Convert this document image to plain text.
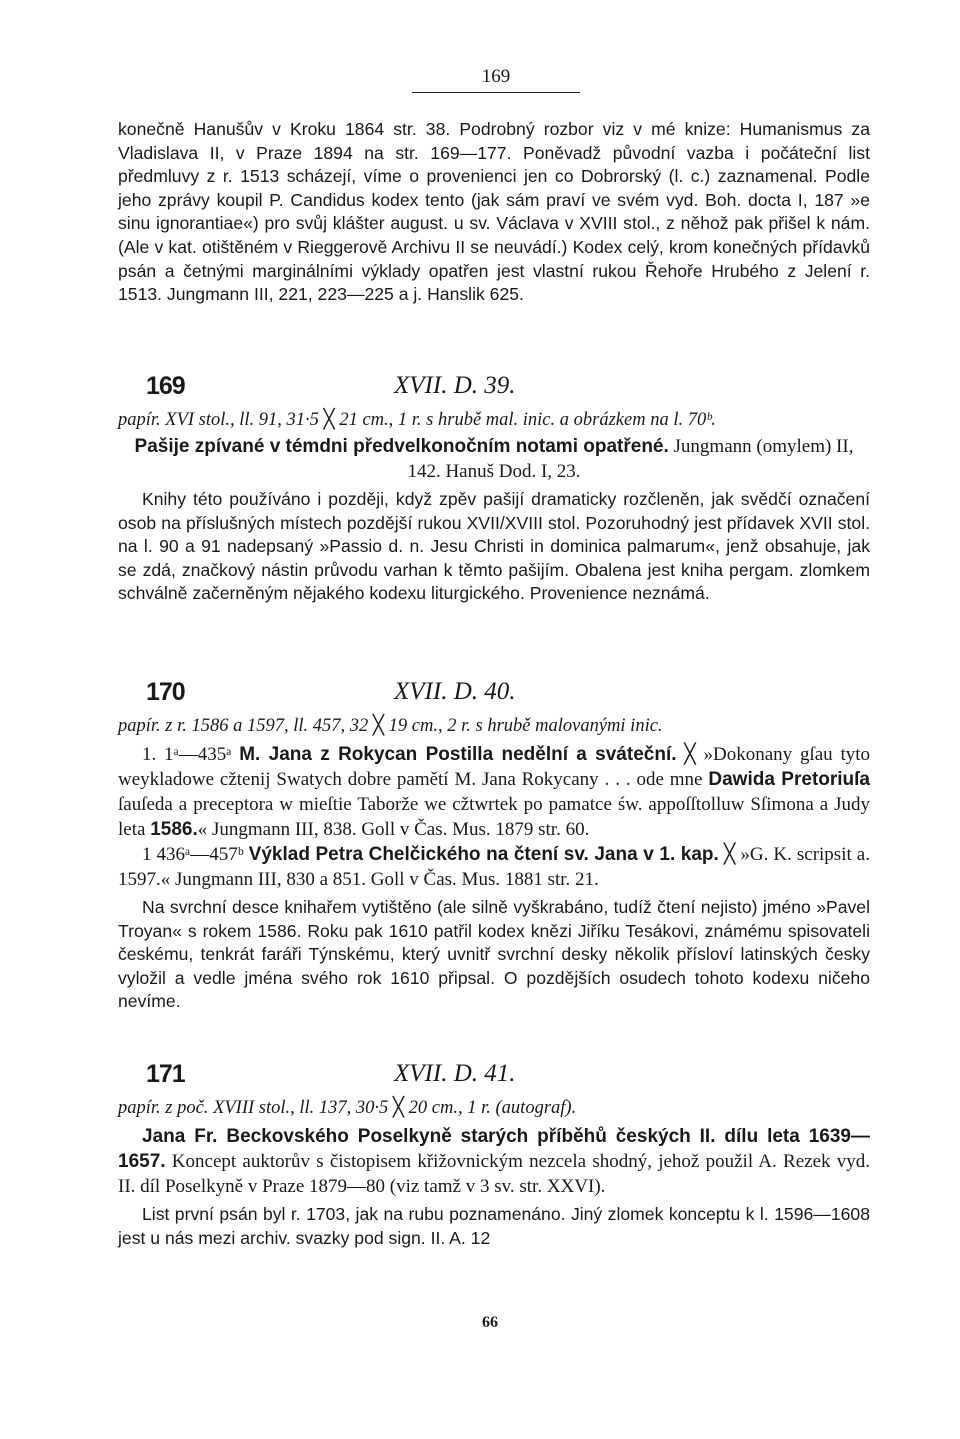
169

konečně Hanušův v Kroku 1864 str. 38. Podrobný rozbor viz v mé knize: Humanismus za Vladislava II, v Praze 1894 na str. 169—177. Poněvadž původní vazba i počáteční list předmluvy z r. 1513 scházejí, víme o provenienci jen co Dobrorský (l. c.) zaznamenal. Podle jeho zprávy koupil P. Candidus kodex tento (jak sám praví ve svém vyd. Boh. docta I, 187 »e sinu ignorantiae«) pro svůj klášter august. u sv. Václava v XVIII stol., z něhož pak přišel k nám. (Ale v kat. otištěném v Rieggerově Archivu II se neuvádí.) Kodex celý, krom konečných přídavků psán a četnými marginálními výklady opatřen jest vlastní rukou Řehoře Hrubého z Jelení r. 1513. Jungmann III, 221, 223—225 a j. Hanslik 625.

169	XVII. D. 39.

papír. XVI stol., ll. 91, 31·5 ╳ 21 cm., 1 r. s hrubě mal. inic. a obrázkem na l. 70ᵇ.

Pašije zpívané v témdni předvelkonočním notami opatřené. Jungmann (omylem) II, 142. Hanuš Dod. I, 23.

Knihy této používáno i později, když zpěv pašijí dramaticky rozčleněn, jak svědčí označení osob na příslušných místech pozdější rukou XVII/XVIII stol. Pozoruhodný jest přídavek XVII stol. na l. 90 a 91 nadepsaný »Passio d. n. Jesu Christi in dominica palmarum«, jenž obsahuje, jak se zdá, značkový nástin průvodu varhan k těmto pašijím. Obalena jest kniha pergam. zlomkem schválně začerněným nějakého kodexu liturgického. Provenience neznámá.

170	XVII. D. 40.

papír. z r. 1586 a 1597, ll. 457, 32 ╳ 19 cm., 2 r. s hrubě malovanými inic.

1. 1ᵃ—435ᵃ M. Jana z Rokycan Postilla nedělní a sváteční. ╳ »Dokonany gſau tyto weykladowe cžtenij Swatych dobre pamětí M. Jana Rokycany . . . ode mne Dawida Pretoriuſa ſauſeda a preceptora w mieſtie Taborže we cžtwrtek po pamatce św. appoſſtolluw Sſimona a Judy leta 1586.« Jungmann III, 838. Goll v Čas. Mus. 1879 str. 60.

1 436ᵃ—457ᵇ Výklad Petra Chelčického na čtení sv. Jana v 1. kap. ╳ »G. K. scripsit a. 1597.« Jungmann III, 830 a 851. Goll v Čas. Mus. 1881 str. 21.

Na svrchní desce knihařem vytištěno (ale silně vyškrabáno, tudíž čtení nejisto) jméno »Pavel Troyan« s rokem 1586. Roku pak 1610 patřil kodex knězi Jiříku Tesákovi, známému spisovateli českému, tenkrát faráři Týnskému, který uvnitř svrchní desky několik přísloví latinských česky vyložil a vedle jména svého rok 1610 připsal. O pozdějších osudech tohoto kodexu ničeho nevíme.

171	XVII. D. 41.

papír. z poč. XVIII stol., ll. 137, 30·5 ╳ 20 cm., 1 r. (autograf).

Jana Fr. Beckovského Poselkyně starých příběhů českých II. dílu leta 1639—1657. Koncept auktorův s čistopisem křižovnickým nezcela shodný, jehož použil A. Rezek vyd. II. díl Poselkyně v Praze 1879—80 (viz tamž v 3 sv. str. XXVI).

List první psán byl r. 1703, jak na rubu poznamenáno. Jiný zlomek konceptu k l. 1596—1608 jest u nás mezi archiv. svazky pod sign. II. A. 12

66
